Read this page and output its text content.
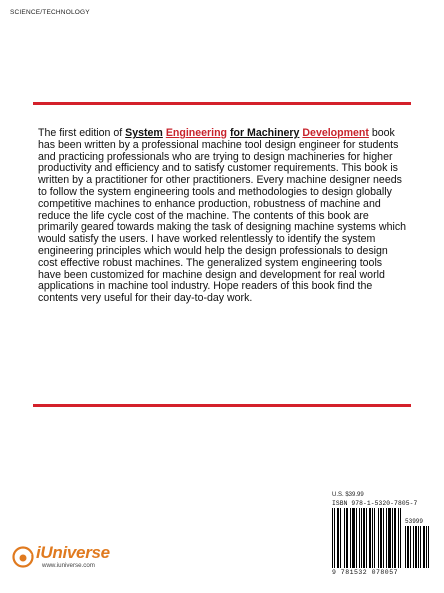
SCIENCE/TECHNOLOGY
The first edition of System Engineering for Machinery Development book has been written by a professional machine tool design engineer for students and practicing professionals who are trying to design machineries for higher productivity and efficiency and to satisfy customer requirements. This book is written by a practitioner for other practitioners. Every machine designer needs to follow the system engineering tools and methodologies to design globally competitive machines to enhance production, robustness of machine and reduce the life cycle cost of the machine. The contents of this book are primarily geared towards making the task of designing machine systems which would satisfy the users. I have worked relentlessly to identify the system engineering principles which would help the design professionals to design cost effective robust machines. The generalized system engineering tools have been customized for machine design and development for real world applications in machine tool industry. Hope readers of this book find the contents very useful for their day-to-day work.
U.S. $39.99
ISBN 978-1-5320-7805-7
53999
9 781532 078057
iUniverse
www.iuniverse.com
